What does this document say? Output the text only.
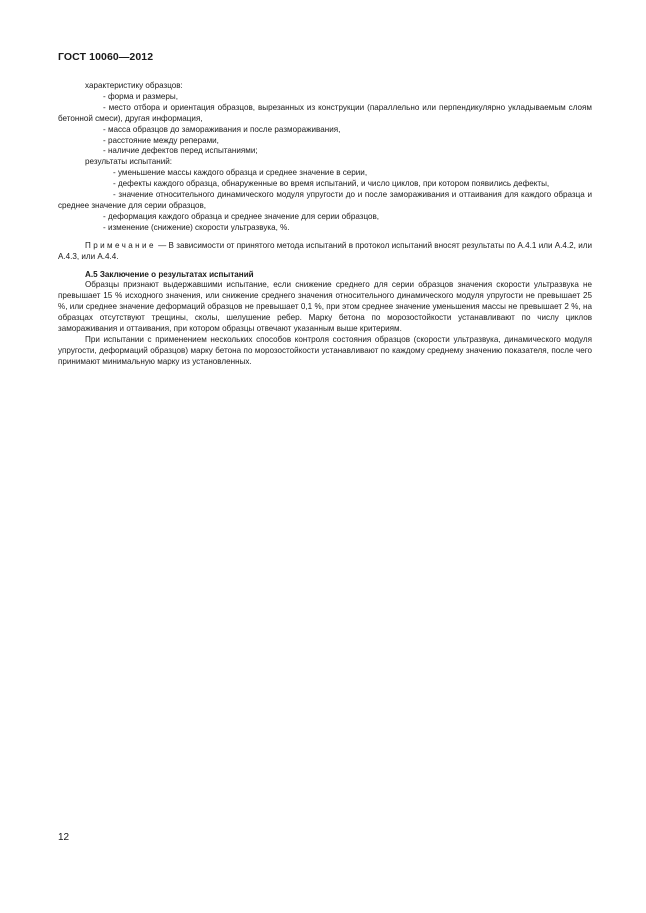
ГОСТ 10060—2012

характеристику образцов:

- форма и размеры,

- место отбора и ориентация образцов, вырезанных из конструкции (параллельно или перпендикулярно укладываемым слоям бетонной смеси), другая информация,

- масса образцов до замораживания и после размораживания,

- расстояние между реперами,

- наличие дефектов перед испытаниями;

результаты испытаний:

- уменьшение массы каждого образца и среднее значение в серии,

- дефекты каждого образца, обнаруженные во время испытаний, и число циклов, при котором появились дефекты,

- значение относительного динамического модуля упругости до и после замораживания и оттаивания для каждого образца и среднее значение для серии образцов,

- деформация каждого образца и среднее значение для серии образцов,

- изменение (снижение) скорости ультразвука, %.

Примечание — В зависимости от принятого метода испытаний в протокол испытаний вносят результаты по А.4.1 или А.4.2, или А.4.3, или А.4.4.

А.5 Заключение о результатах испытаний

Образцы признают выдержавшими испытание, если снижение среднего для серии образцов значения скорости ультразвука не превышает 15 % исходного значения, или снижение среднего значения относительного динамического модуля упругости не превышает 25 %, или среднее значение деформаций образцов не превышает 0,1 %, при этом среднее значение уменьшения массы не превышает 2 %, на образцах отсутствуют трещины, сколы, шелушение ребер. Марку бетона по морозостойкости устанавливают по числу циклов замораживания и оттаивания, при котором образцы отвечают указанным выше критериям.

При испытании с применением нескольких способов контроля состояния образцов (скорости ультразвука, динамического модуля упругости, деформаций образцов) марку бетона по морозостойкости устанавливают по каждому среднему значению показателя, после чего принимают минимальную марку из установленных.

12
